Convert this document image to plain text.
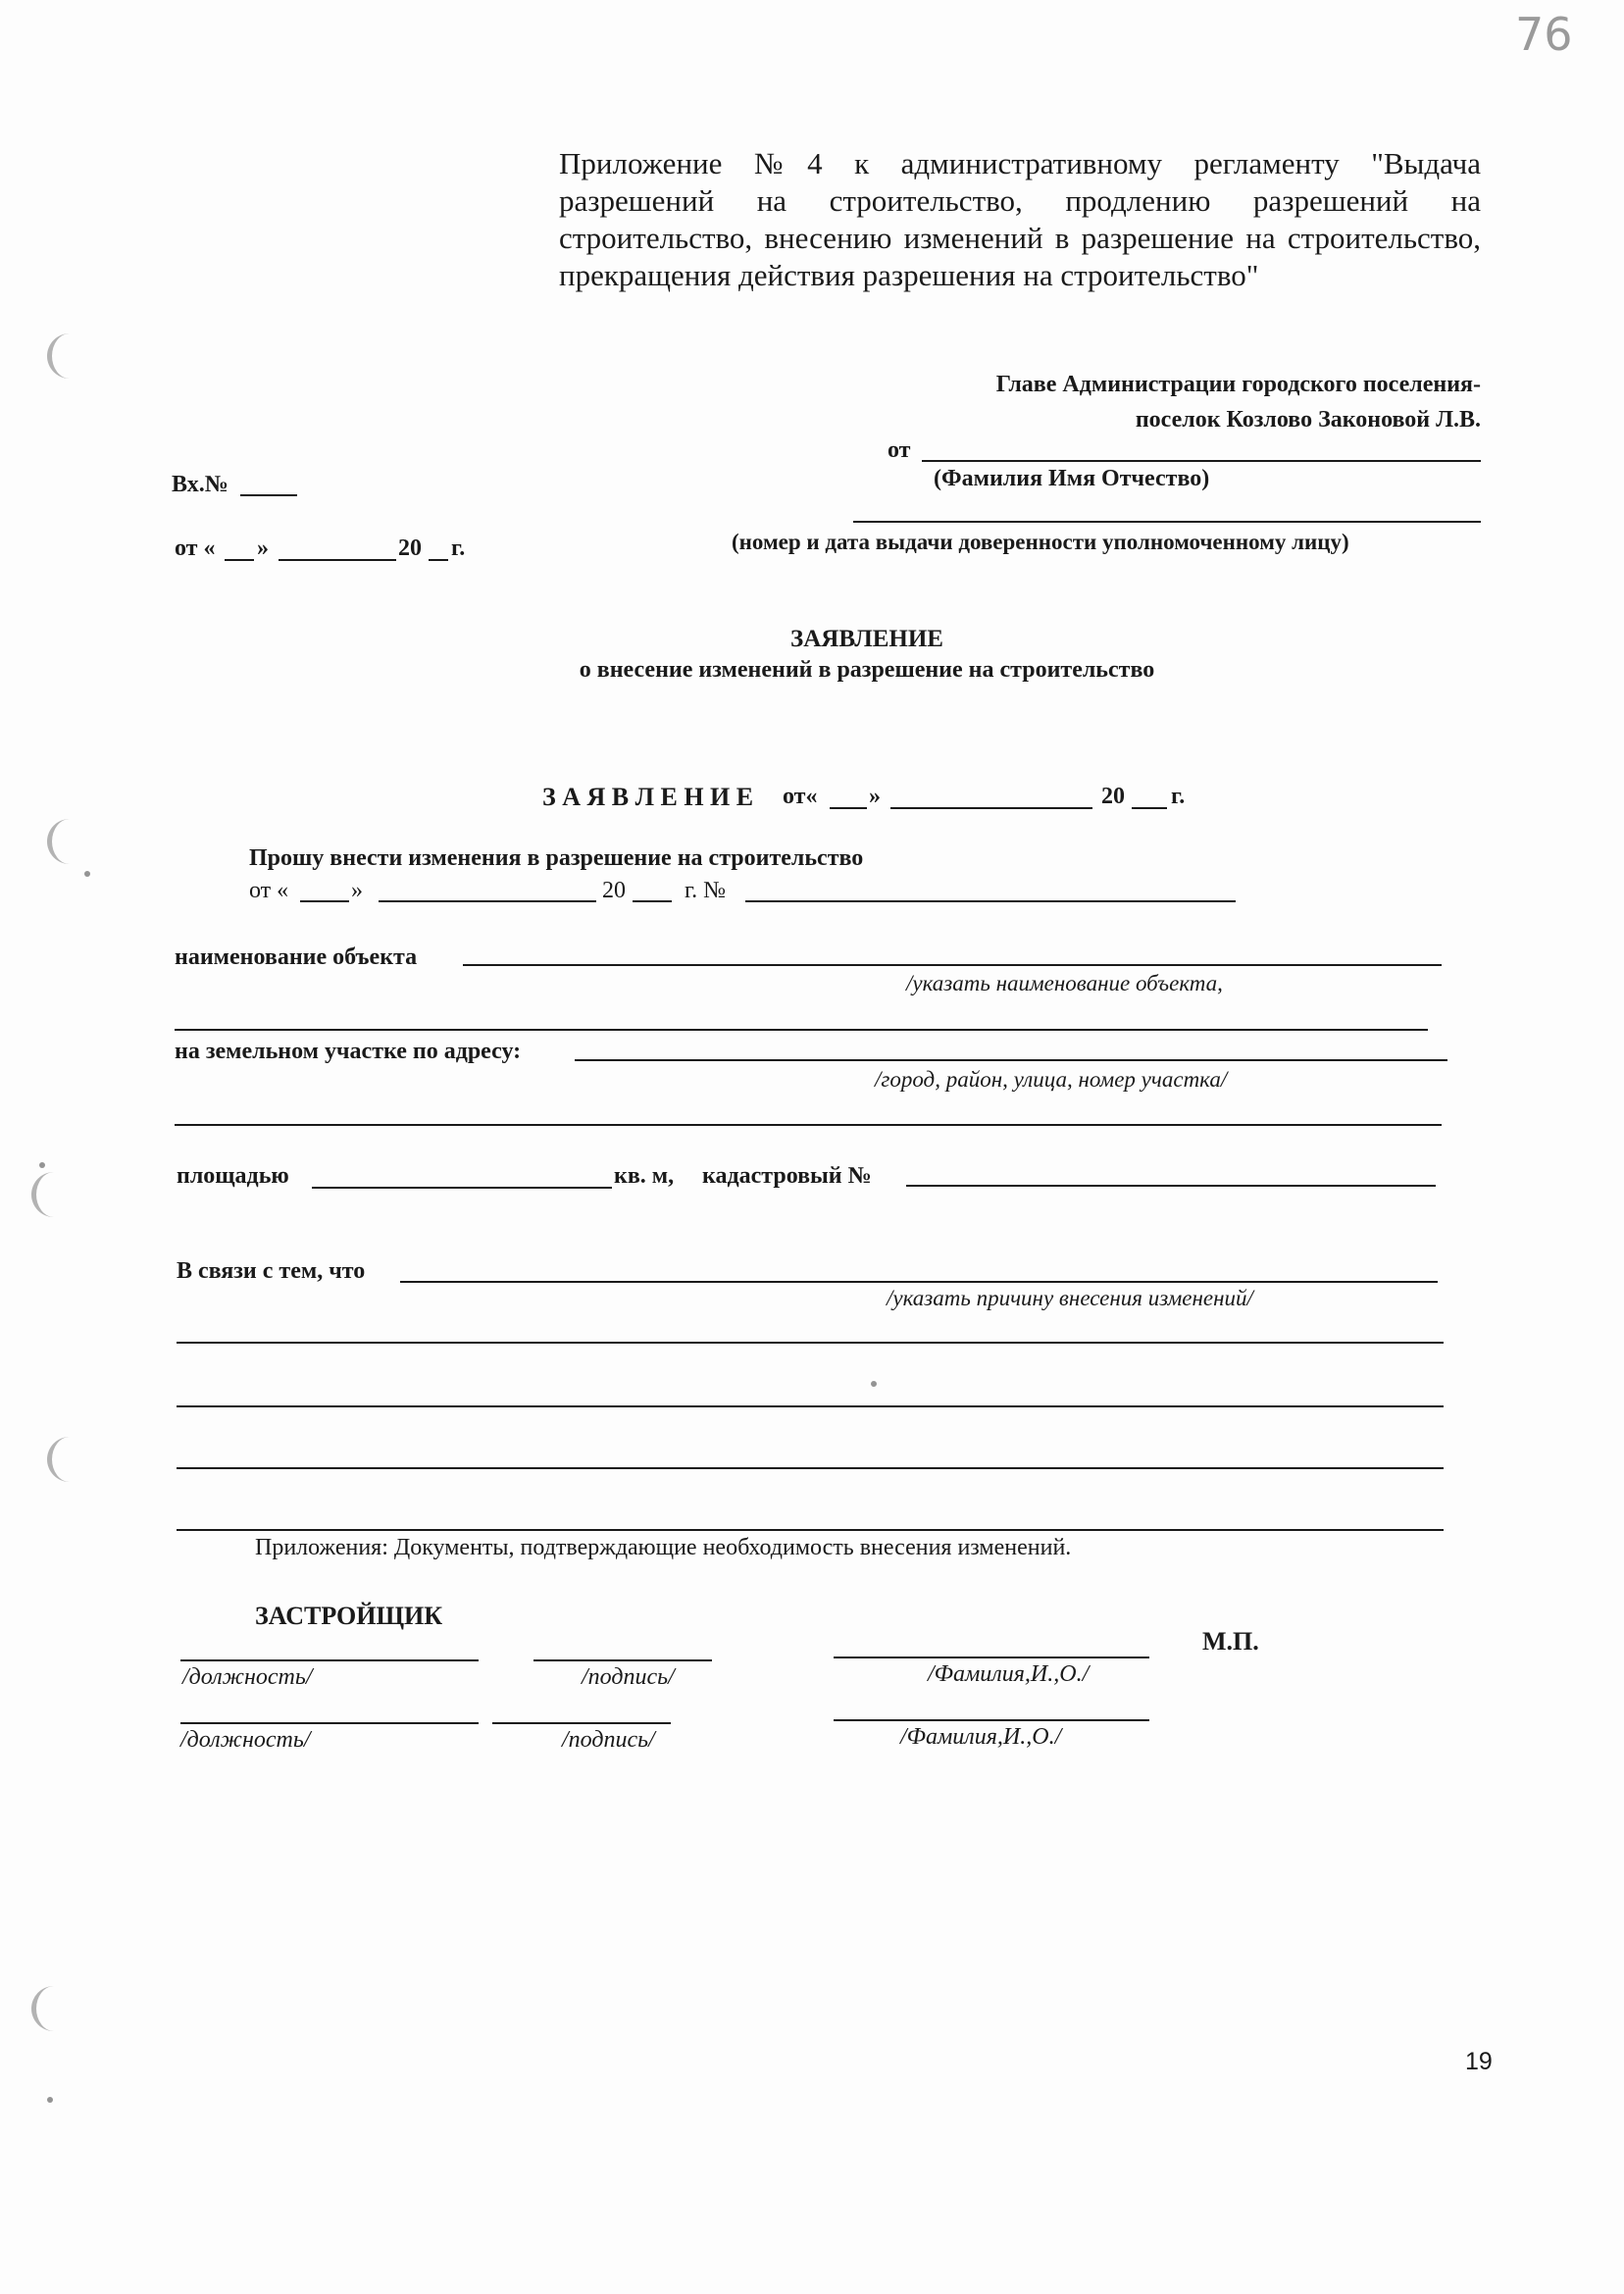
76
Приложение №4 к административному регламенту "Выдача разрешений на строительство, продлению разрешений на строительство, внесению изменений в разрешение на строительство, прекращения действия разрешения на строительство"
Главе Администрации городского поселения-
поселок Козлово Законовой Л.В.
от
(Фамилия Имя Отчество)
(номер и дата выдачи доверенности уполномоченному лицу)
Вх.№
от « »	20 г.
ЗАЯВЛЕНИЕ
о внесение изменений в разрешение на строительство
З А Я В Л Е Н И Е от« »	20 г.
Прошу внести изменения в разрешение на строительство
от «	»	20	г. №
наименование объекта
/указать наименование объекта,
на земельном участке по адресу:
/город, район, улица, номер участка/
площадью	кв. м, кадастровый №
В связи с тем, что
/указать причину внесения изменений/
Приложения: Документы, подтверждающие необходимость внесения изменений.
ЗАСТРОЙЩИК
М.П.
/должность/	/подпись/	/Фамилия,И.,О./
/должность/	/подпись/	/Фамилия,И.,О./
19
